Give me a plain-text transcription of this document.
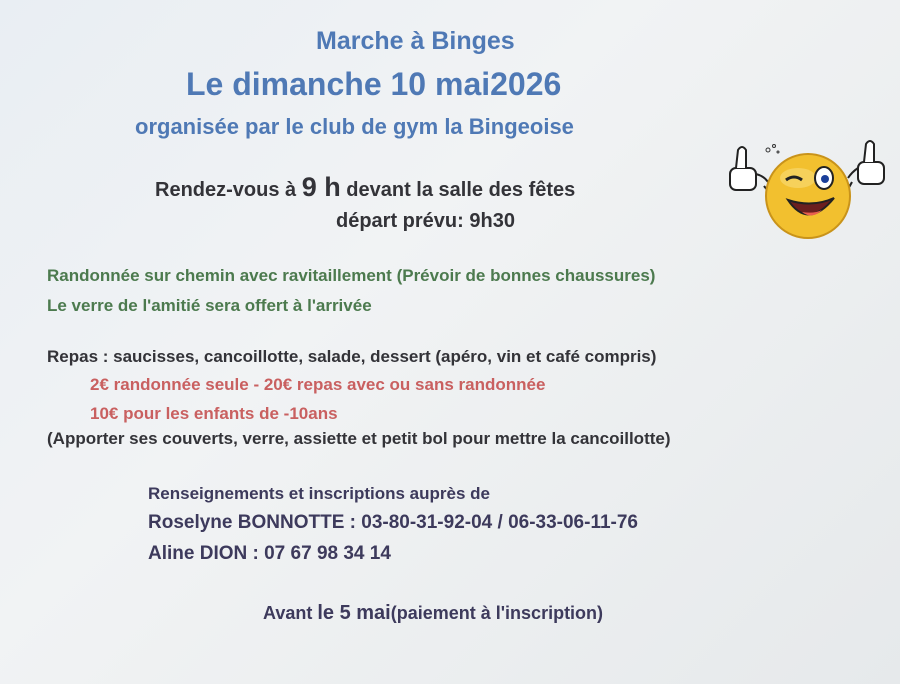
Marche à Binges
Le dimanche 10 mai2026
organisée par le club de gym la Bingeoise
Rendez-vous à 9 h devant la salle des fêtes
départ prévu: 9h30
Randonnée sur chemin avec ravitaillement (Prévoir de bonnes chaussures)
Le verre de l'amitié sera offert à l'arrivée
Repas : saucisses, cancoillotte, salade, dessert (apéro, vin et café compris)
2€ randonnée seule - 20€ repas avec ou sans randonnée
10€ pour les enfants de -10ans
(Apporter ses couverts, verre, assiette et petit bol pour mettre la cancoillotte)
Renseignements et inscriptions auprès de
Roselyne BONNOTTE : 03-80-31-92-04 / 06-33-06-11-76
Aline DION : 07 67 98 34 14
Avant le 5 mai(paiement à l'inscription)
